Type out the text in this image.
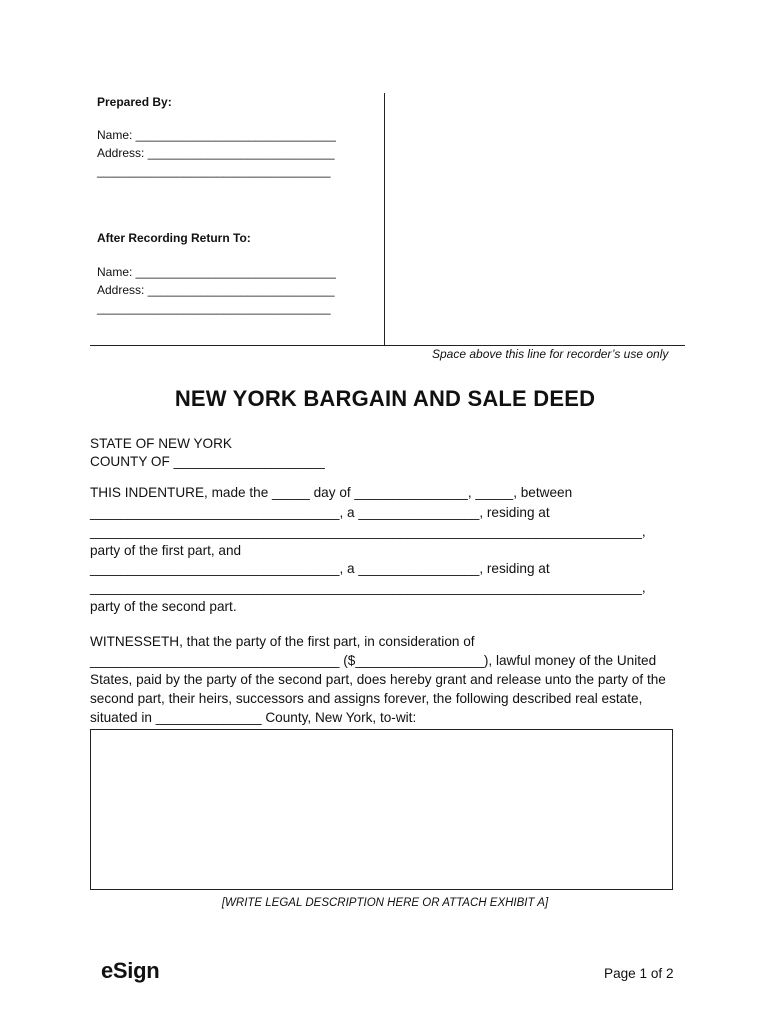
Prepared By:
Name: ______________________________
Address: ____________________________
___________________________________
After Recording Return To:
Name: ______________________________
Address: ____________________________
___________________________________
Space above this line for recorder’s use only
NEW YORK BARGAIN AND SALE DEED
STATE OF NEW YORK
COUNTY OF ____________________
THIS INDENTURE, made the _____ day of _______________, _____, between
_________________________________, a ________________, residing at
_________________________________________________________________________,
party of the first part, and
_________________________________, a ________________, residing at
_________________________________________________________________________,
party of the second part.
WITNESSETH, that the party of the first part, in consideration of
_________________________________ ($_________________), lawful money of the United
States, paid by the party of the second part, does hereby grant and release unto the party of the
second part, their heirs, successors and assigns forever, the following described real estate,
situated in ______________ County, New York, to-wit:
[WRITE LEGAL DESCRIPTION HERE OR ATTACH EXHIBIT A]
eSign	Page 1 of 2
